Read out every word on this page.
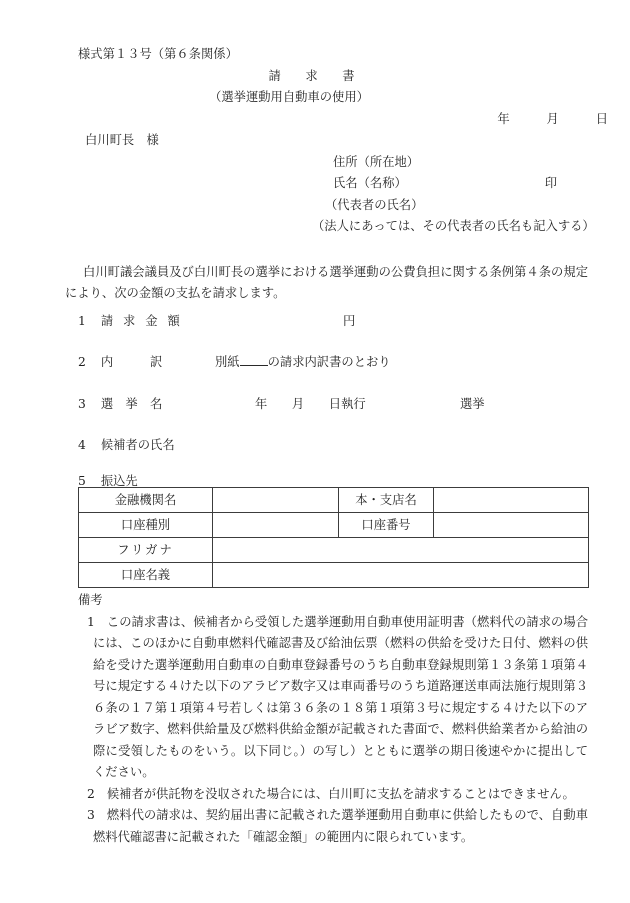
様式第１３号（第６条関係）
請　　求　　書
（選挙運動用自動車の使用）
年　　　月　　　日
白川町長　様
住所（所在地）
氏名（名称）	印
（代表者の氏名）
（法人にあっては、その代表者の氏名も記入する）
白川町議会議員及び白川町長の選挙における選挙運動の公費負担に関する条例第４条の規定により、次の金額の支払を請求します。
1 請 求 金 額	円
2 内　　　訳	別紙 の請求内訳書のとおり
3 選　挙　名	年　　月　　日執行	選挙
4 候補者の氏名
5 振込先
金融機関名		本・支店名	
口座種別		口座番号	
フリガナ			
口座名義			
備考
1 この請求書は、候補者から受領した選挙運動用自動車使用証明書（燃料代の請求の場合には、このほかに自動車燃料代確認書及び給油伝票（燃料の供給を受けた日付、燃料の供給を受けた選挙運動用自動車の自動車登録番号のうち自動車登録規則第１３条第１項第４号に規定する４けた以下のアラビア数字又は車両番号のうち道路運送車両法施行規則第３６条の１７第１項第４号若しくは第３６条の１８第１項第３号に規定する４けた以下のアラビア数字、燃料供給量及び燃料供給金額が記載された書面で、燃料供給業者から給油の際に受領したものをいう。以下同じ。）の写し）とともに選挙の期日後速やかに提出してください。
2 候補者が供託物を没収された場合には、白川町に支払を請求することはできません。
3 燃料代の請求は、契約届出書に記載された選挙運動用自動車に供給したもので、自動車燃料代確認書に記載された「確認金額」の範囲内に限られています。
